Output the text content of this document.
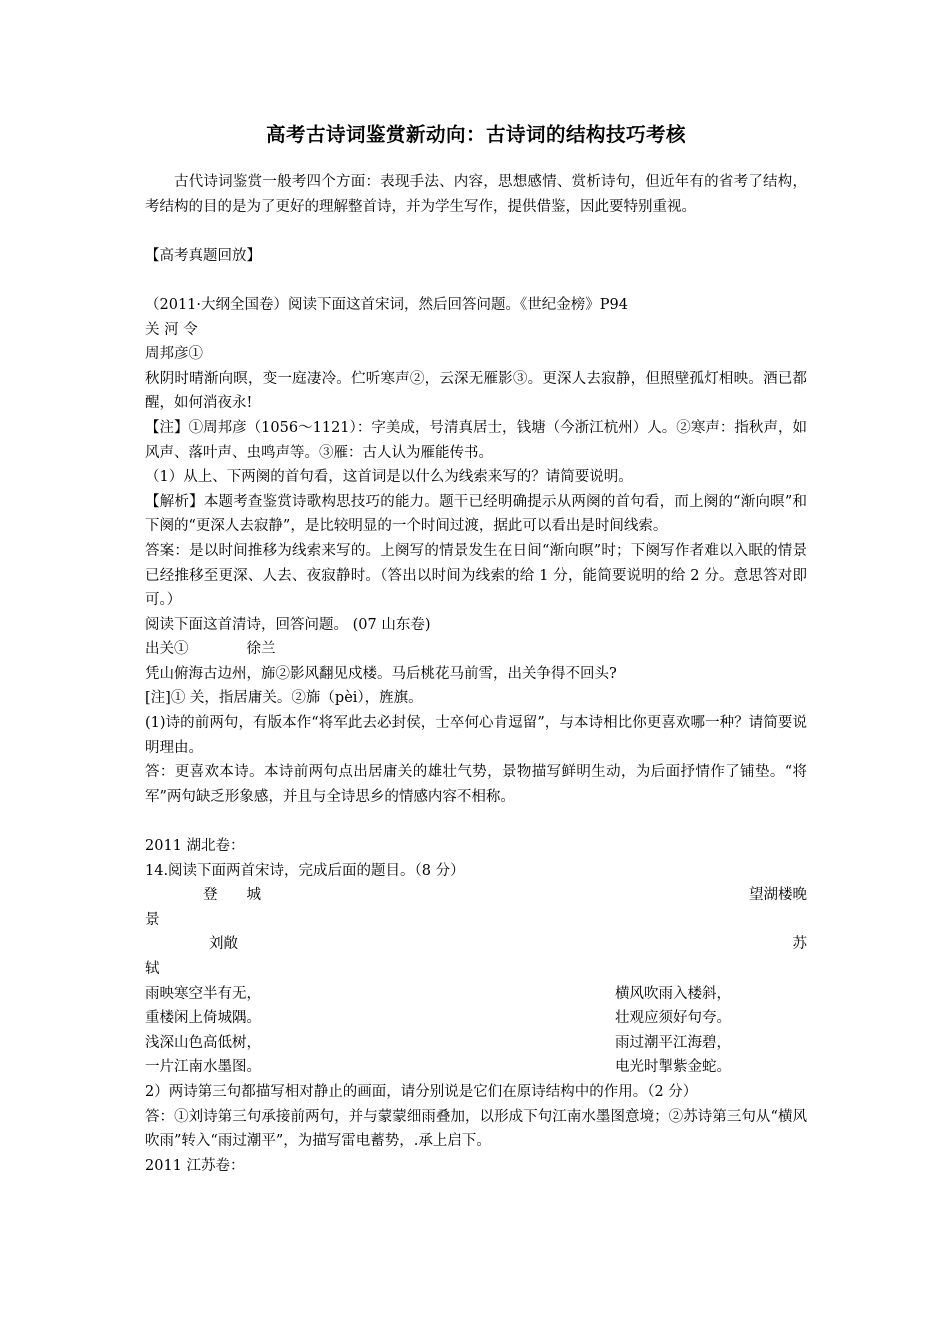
高考古诗词鉴赏新动向：古诗词的结构技巧考核

古代诗词鉴赏一般考四个方面：表现手法、内容，思想感情、赏析诗句，但近年有的省考了结构，考结构的目的是为了更好的理解整首诗，并为学生写作，提供借鉴，因此要特别重视。

【高考真题回放】

（2011·大纲全国卷）阅读下面这首宋词，然后回答问题。《世纪金榜》P94

关 河 令

周邦彦①

秋阴时晴渐向暝，变一庭凄冷。伫听寒声②，云深无雁影③。更深人去寂静，但照壁孤灯相映。酒已都醒，如何消夜永!

【注】①周邦彦（1056～1121）：字美成，号清真居士，钱塘（今浙江杭州）人。②寒声：指秋声，如风声、落叶声、虫鸣声等。③雁：古人认为雁能传书。

（1）从上、下两阕的首句看，这首词是以什么为线索来写的？请简要说明。

【解析】本题考查鉴赏诗歌构思技巧的能力。题干已经明确提示从两阕的首句看，而上阕的“渐向暝”和下阕的“更深人去寂静”，是比较明显的一个时间过渡，据此可以看出是时间线索。

答案：是以时间推移为线索来写的。上阕写的情景发生在日间“渐向暝”时；下阕写作者难以入眠的情景已经推移至更深、人去、夜寂静时。（答出以时间为线索的给 1 分，能简要说明的给 2 分。意思答对即可。）

阅读下面这首清诗，回答问题。 (07 山东卷)

出关①	徐兰

凭山俯海古边州，旆②影风翻见戍楼。马后桃花马前雪，出关争得不回头?

[注]① 关，指居庸关。②旆（pèi），旌旗。

(1)诗的前两句，有版本作“将军此去必封侯，士卒何心肯逗留”，与本诗相比你更喜欢哪一种？请简要说明理由。

答：更喜欢本诗。本诗前两句点出居庸关的雄壮气势，景物描写鲜明生动，为后面抒情作了铺垫。“将军”两句缺乏形象感，并且与全诗思乡的情感内容不相称。

2011 湖北卷：

14.阅读下面两首宋诗，完成后面的题目。（8 分）

登　　城	望湖楼晚

景

刘敞	苏

轼

雨映寒空半有无，	横风吹雨入楼斜，
重楼闲上倚城隅。	壮观应须好句夸。
浅深山色高低树，	雨过潮平江海碧，
一片江南水墨图。	电光时掣紫金蛇。

2）两诗第三句都描写相对静止的画面，请分别说是它们在原诗结构中的作用。（2 分）

答：①刘诗第三句承接前两句，并与蒙蒙细雨叠加，以形成下句江南水墨图意境；②苏诗第三句从“横风吹雨”转入“雨过潮平”，为描写雷电蓄势，.承上启下。

2011 江苏卷：
